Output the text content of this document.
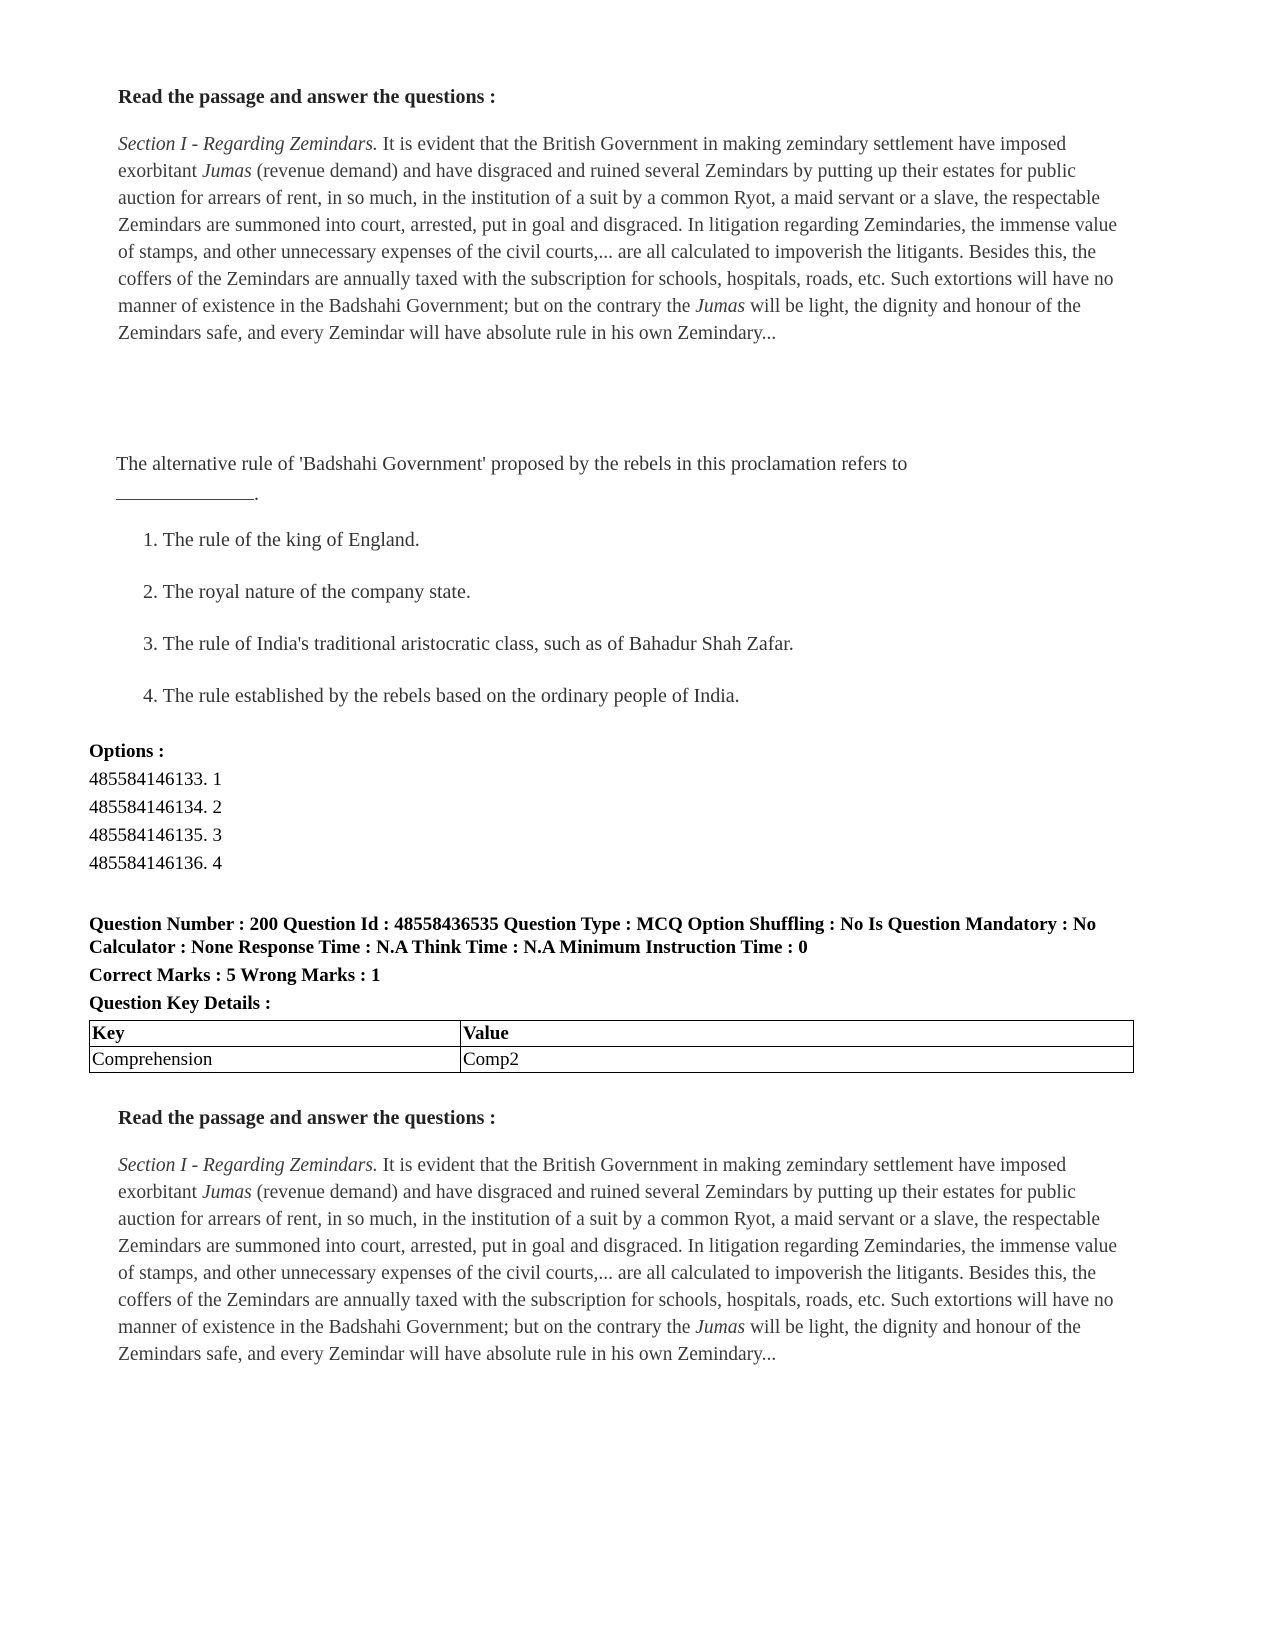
Read the passage and answer the questions :

Section I - Regarding Zemindars. It is evident that the British Government in making zemindary settlement have imposed exorbitant Jumas (revenue demand) and have disgraced and ruined several Zemindars by putting up their estates for public auction for arrears of rent, in so much, in the institution of a suit by a common Ryot, a maid servant or a slave, the respectable Zemindars are summoned into court, arrested, put in goal and disgraced. In litigation regarding Zemindaries, the immense value of stamps, and other unnecessary expenses of the civil courts,... are all calculated to impoverish the litigants. Besides this, the coffers of the Zemindars are annually taxed with the subscription for schools, hospitals, roads, etc. Such extortions will have no manner of existence in the Badshahi Government; but on the contrary the Jumas will be light, the dignity and honour of the Zemindars safe, and every Zemindar will have absolute rule in his own Zemindary...

The alternative rule of 'Badshahi Government' proposed by the rebels in this proclamation refers to
.
1. The rule of the king of England.
2. The royal nature of the company state.
3. The rule of India's traditional aristocratic class, such as of Bahadur Shah Zafar.
4. The rule established by the rebels based on the ordinary people of India.
Options :
485584146133. 1
485584146134. 2
485584146135. 3
485584146136. 4
Question Number : 200 Question Id : 48558436535 Question Type : MCQ Option Shuffling : No Is Question Mandatory : No Calculator : None Response Time : N.A Think Time : N.A Minimum Instruction Time : 0
Correct Marks : 5 Wrong Marks : 1
Question Key Details :
Key	Value
Comprehension	Comp2

Read the passage and answer the questions :

Section I - Regarding Zemindars. It is evident that the British Government in making zemindary settlement have imposed exorbitant Jumas (revenue demand) and have disgraced and ruined several Zemindars by putting up their estates for public auction for arrears of rent, in so much, in the institution of a suit by a common Ryot, a maid servant or a slave, the respectable Zemindars are summoned into court, arrested, put in goal and disgraced. In litigation regarding Zemindaries, the immense value of stamps, and other unnecessary expenses of the civil courts,... are all calculated to impoverish the litigants. Besides this, the coffers of the Zemindars are annually taxed with the subscription for schools, hospitals, roads, etc. Such extortions will have no manner of existence in the Badshahi Government; but on the contrary the Jumas will be light, the dignity and honour of the Zemindars safe, and every Zemindar will have absolute rule in his own Zemindary...
